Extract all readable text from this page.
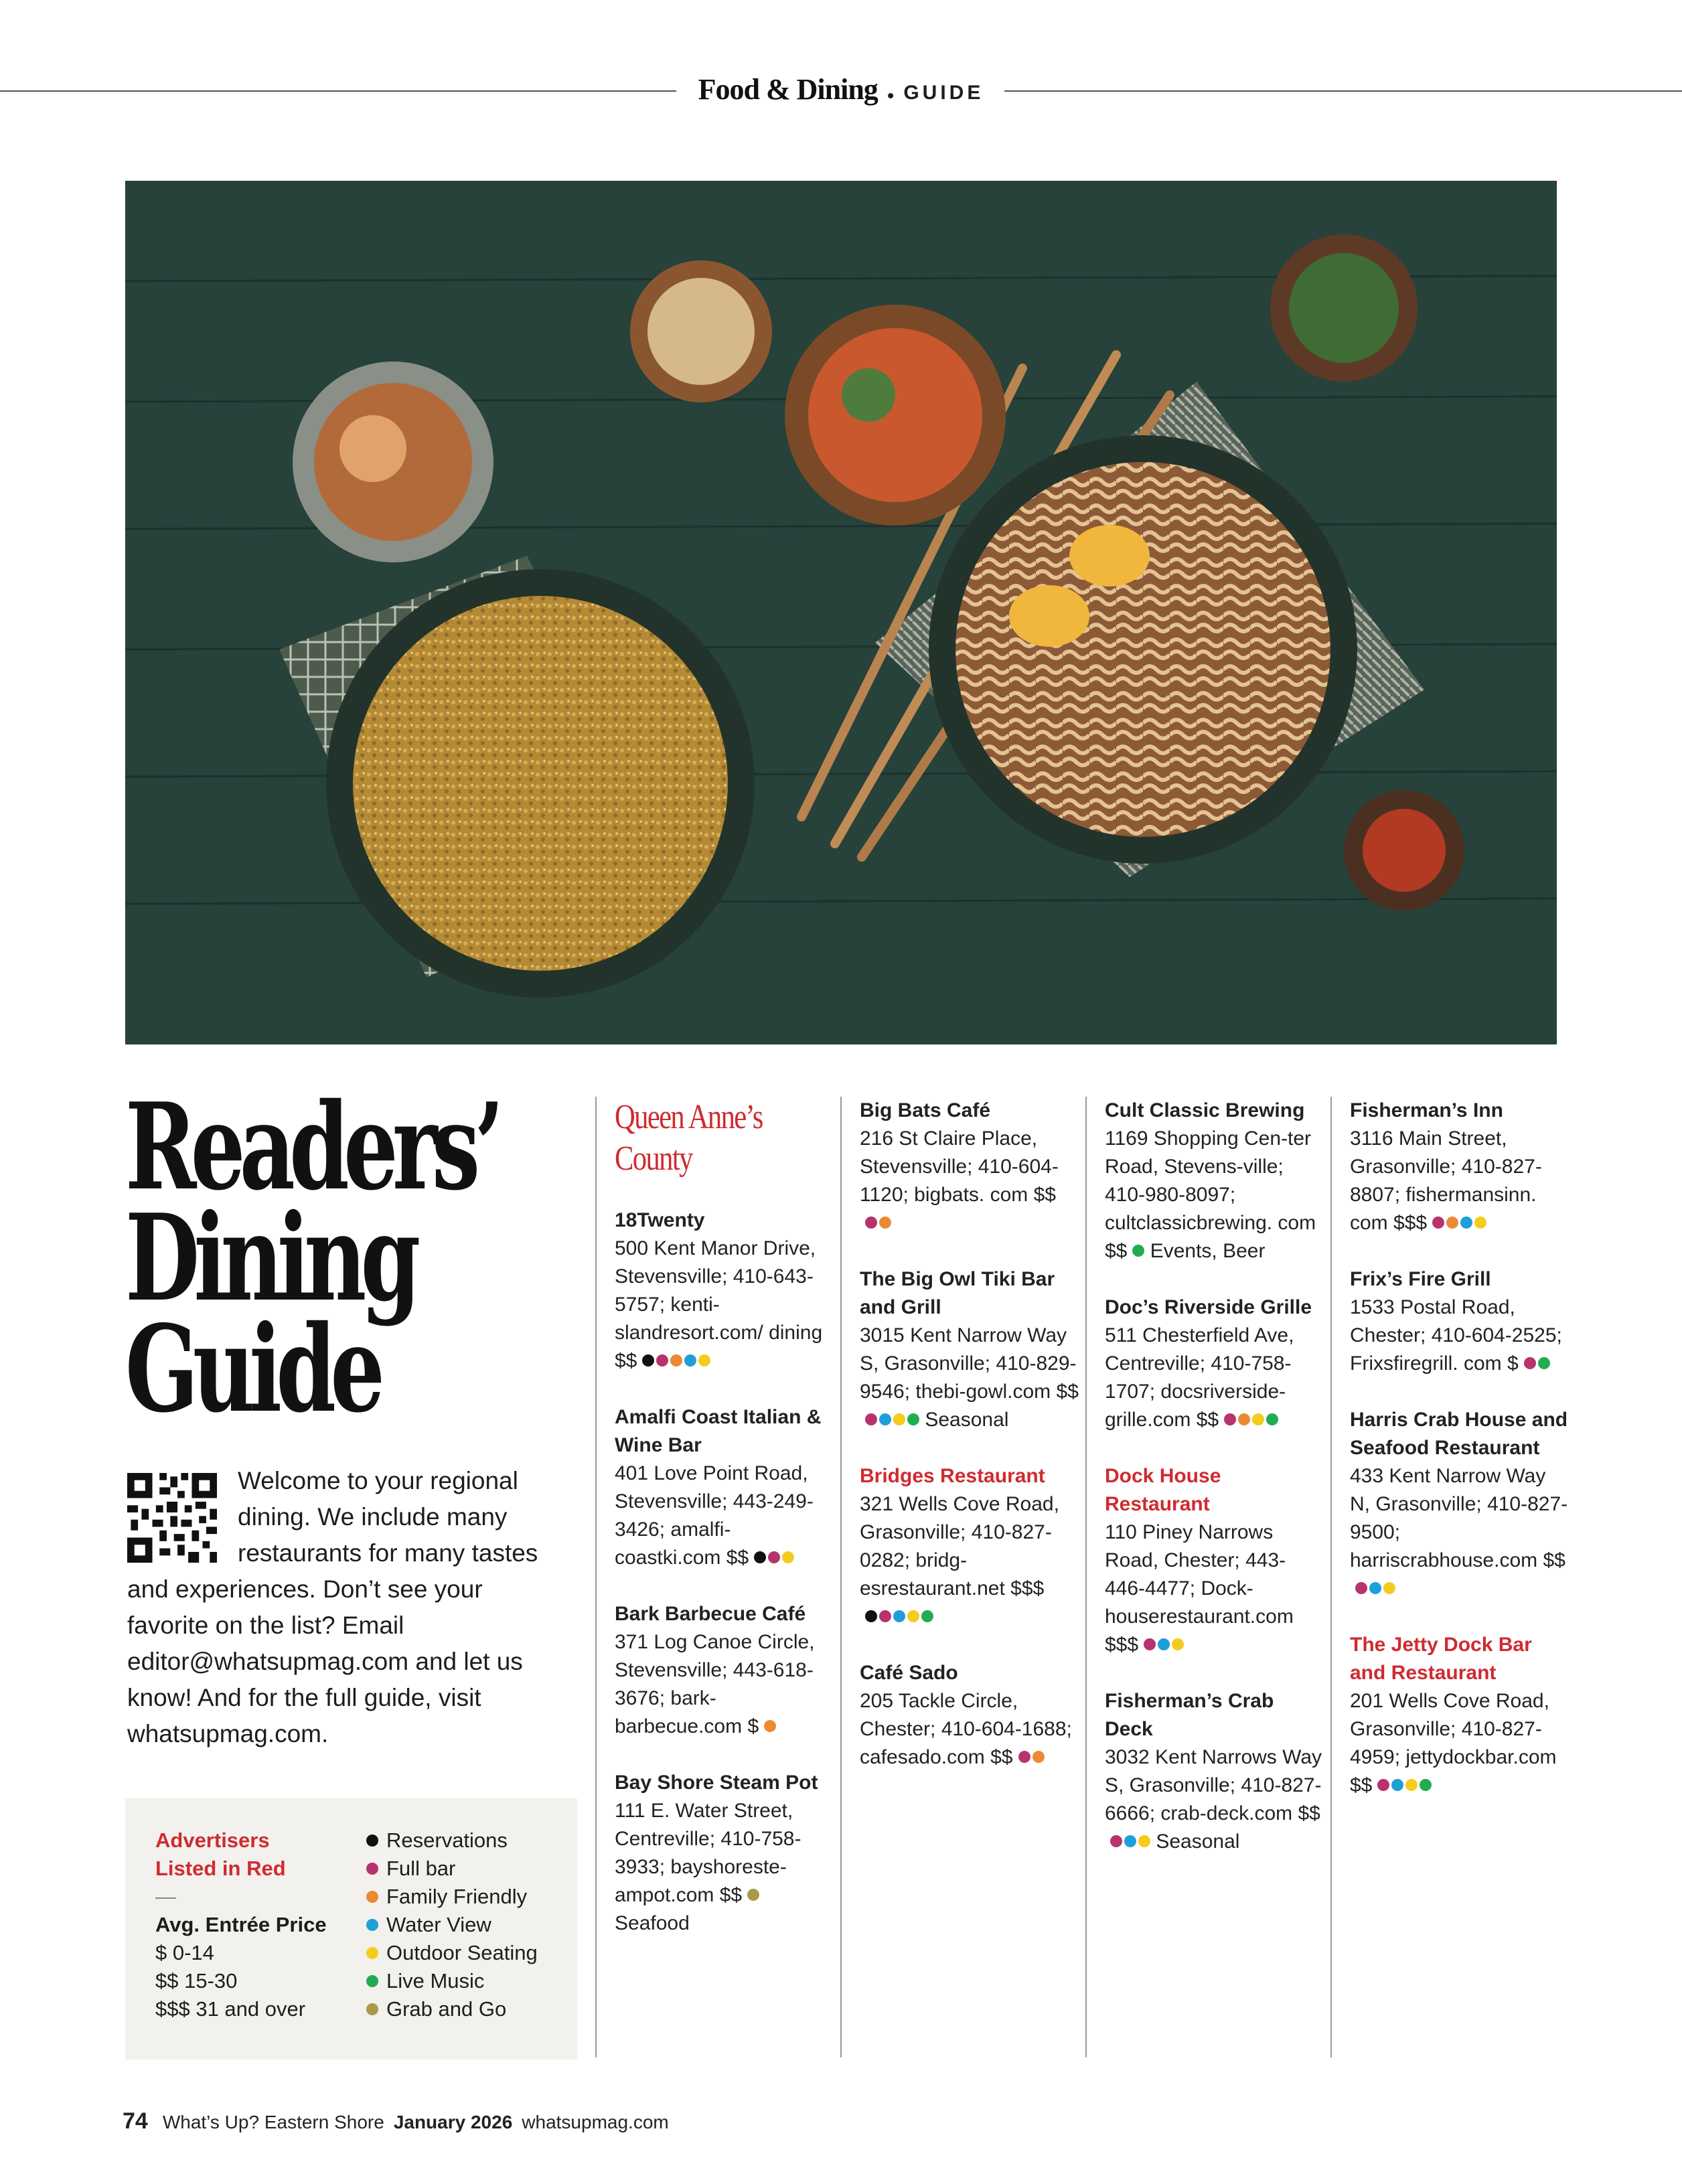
Food & Dining • GUIDE
Readers’
Dining
Guide

Welcome to your regional dining. We include many restaurants for many tastes and experiences. Don’t see your favorite on the list? Email editor@whatsupmag.com and let us know! And for the full guide, visit whatsupmag.com.

Advertisers Listed in Red
—
Avg. Entrée Price
$ 0-14
$$ 15-30
$$$ 31 and over
Reservations
Full bar
Family Friendly
Water View
Outdoor Seating
Live Music
Grab and Go
Queen Anne’s
County
18Twenty
500 Kent Manor Drive, Stevensville; 410-643-5757; kenti-slandresort.com/ dining $$
Amalfi Coast Italian & Wine Bar
401 Love Point Road, Stevensville; 443-249-3426; amalfi-coastki.com $$
Bark Barbecue Café
371 Log Canoe Circle, Stevensville; 443-618-3676; bark-barbecue.com $
Bay Shore Steam Pot
111 E. Water Street, Centreville; 410-758-3933; bayshoreste-ampot.com $$ Seafood
Big Bats Café
216 St Claire Place, Stevensville; 410-604-1120; bigbats. com $$
The Big Owl Tiki Bar and Grill
3015 Kent Narrow Way S, Grasonville; 410-829-9546; thebi-gowl.com $$ Seasonal
Bridges Restaurant
321 Wells Cove Road, Grasonville; 410-827-0282; bridg-esrestaurant.net $$$
Café Sado
205 Tackle Circle, Chester; 410-604-1688; cafesado.com $$
Cult Classic Brewing
1169 Shopping Cen-ter Road, Stevens-ville; 410-980-8097; cultclassicbrewing. com $$ Events, Beer
Doc’s Riverside Grille
511 Chesterfield Ave, Centreville; 410-758-1707; docsriverside-grille.com $$
Dock House Restaurant
110 Piney Narrows Road, Chester; 443-446-4477; Dock-houserestaurant.com $$$
Fisherman’s Crab Deck
3032 Kent Narrows Way S, Grasonville; 410-827-6666; crab-deck.com $$ Seasonal
Fisherman’s Inn
3116 Main Street, Grasonville; 410-827-8807; fishermansinn. com $$$
Frix’s Fire Grill
1533 Postal Road, Chester; 410-604-2525; Frixsfiregrill. com $
Harris Crab House and Seafood Restaurant
433 Kent Narrow Way N, Grasonville; 410-827-9500; harriscrabhouse.com $$
The Jetty Dock Bar and Restaurant
201 Wells Cove Road, Grasonville; 410-827-4959; jettydockbar.com $$
74 What’s Up? Eastern Shore January 2026 whatsupmag.com
